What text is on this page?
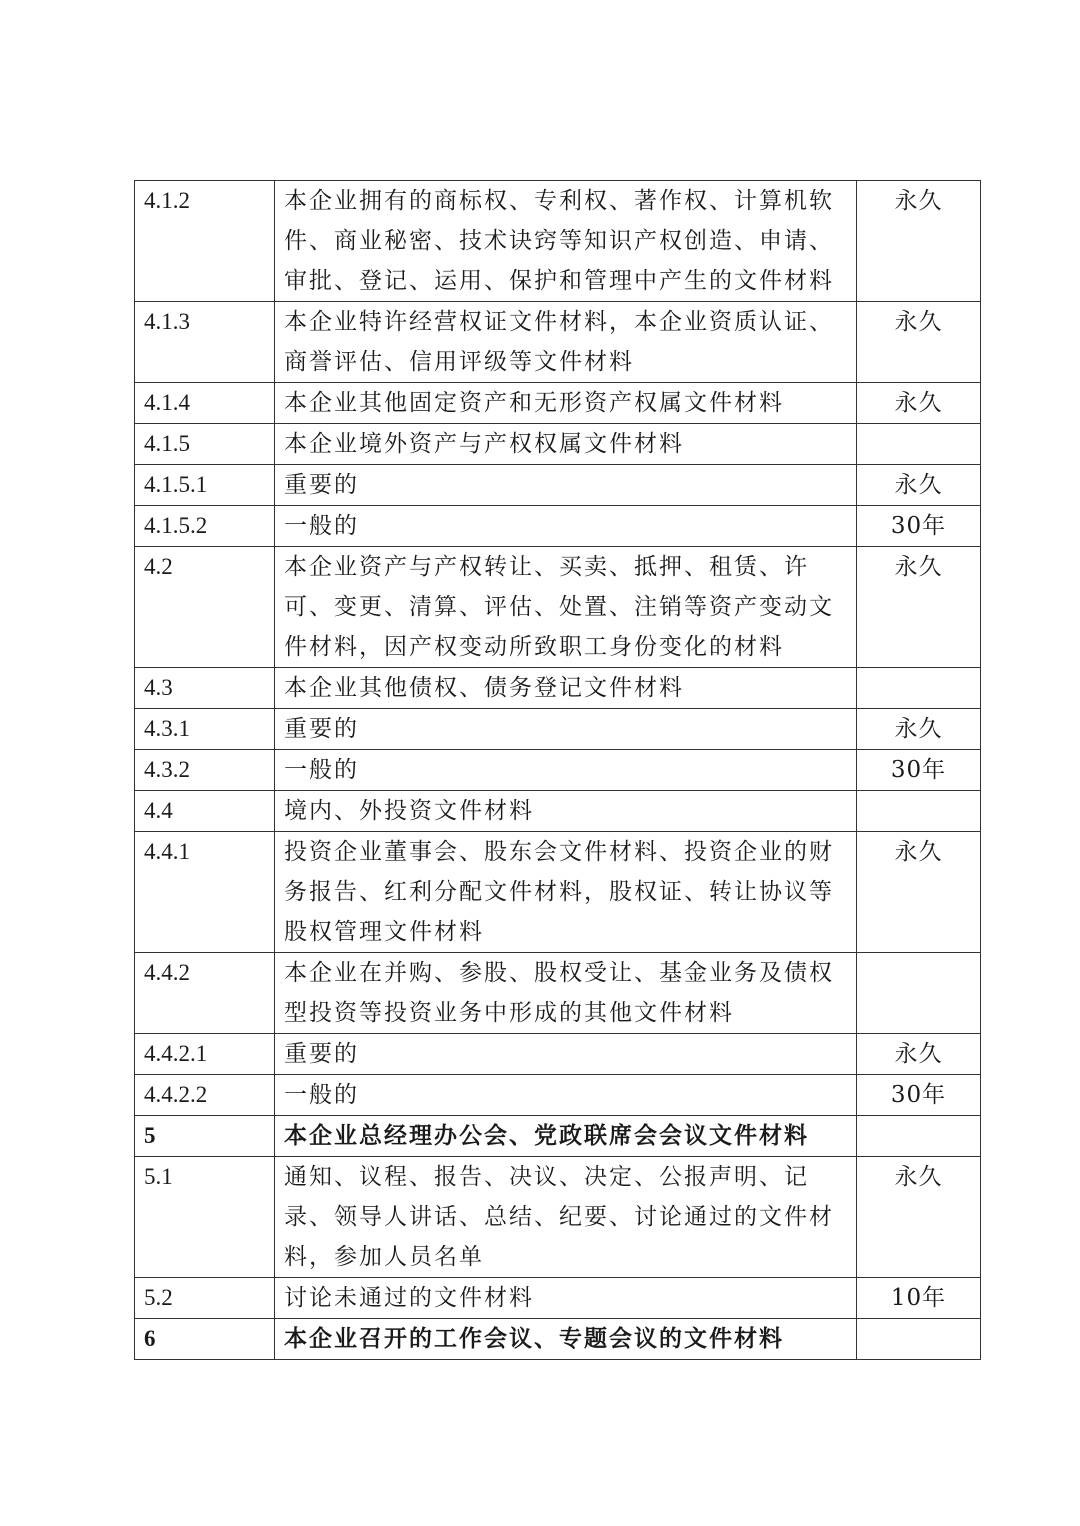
4.1.2	本企业拥有的商标权、专利权、著作权、计算机软件、商业秘密、技术诀窍等知识产权创造、申请、审批、登记、运用、保护和管理中产生的文件材料	永久
4.1.3	本企业特许经营权证文件材料，本企业资质认证、商誉评估、信用评级等文件材料	永久
4.1.4	本企业其他固定资产和无形资产权属文件材料	永久
4.1.5	本企业境外资产与产权权属文件材料	
4.1.5.1	重要的	永久
4.1.5.2	一般的	30年
4.2	本企业资产与产权转让、买卖、抵押、租赁、许可、变更、清算、评估、处置、注销等资产变动文件材料，因产权变动所致职工身份变化的材料	永久
4.3	本企业其他债权、债务登记文件材料	
4.3.1	重要的	永久
4.3.2	一般的	30年
4.4	境内、外投资文件材料	
4.4.1	投资企业董事会、股东会文件材料、投资企业的财务报告、红利分配文件材料，股权证、转让协议等股权管理文件材料	永久
4.4.2	本企业在并购、参股、股权受让、基金业务及债权型投资等投资业务中形成的其他文件材料	
4.4.2.1	重要的	永久
4.4.2.2	一般的	30年
5	本企业总经理办公会、党政联席会会议文件材料	
5.1	通知、议程、报告、决议、决定、公报声明、记录、领导人讲话、总结、纪要、讨论通过的文件材料，参加人员名单	永久
5.2	讨论未通过的文件材料	10年
6	本企业召开的工作会议、专题会议的文件材料	
